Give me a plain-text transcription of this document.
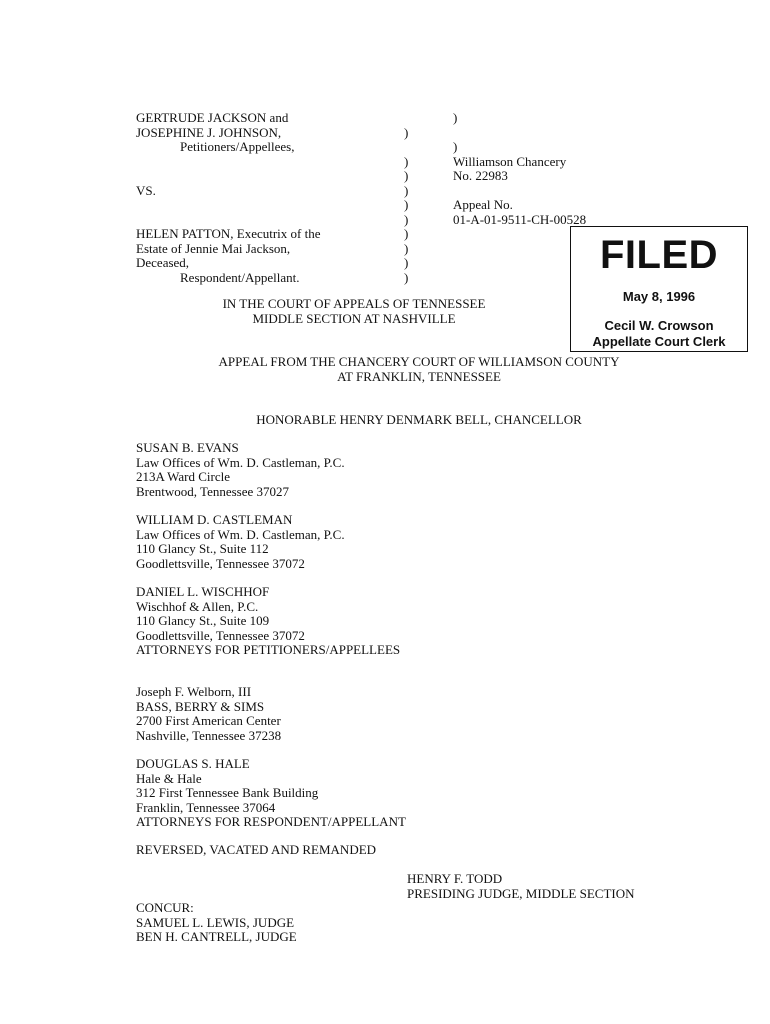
GERTRUDE JACKSON and
JOSEPHINE J. JOHNSON,
Petitioners/Appellees,
VS.
HELEN PATTON, Executrix of the
Estate of Jennie Mai Jackson,
Deceased,
Respondent/Appellant.
)
)
)
)
)
)
)
)
)
)
)
)
Williamson Chancery
No. 22983
Appeal No.
01-A-01-9511-CH-00528
IN THE COURT OF APPEALS OF TENNESSEE
MIDDLE SECTION AT NASHVILLE
FILED
May 8, 1996
Cecil W. Crowson
Appellate Court Clerk
APPEAL FROM THE CHANCERY COURT OF WILLIAMSON COUNTY
AT FRANKLIN, TENNESSEE
HONORABLE HENRY DENMARK BELL, CHANCELLOR
SUSAN B. EVANS
Law Offices of Wm. D. Castleman, P.C.
213A Ward Circle
Brentwood, Tennessee 37027
WILLIAM D. CASTLEMAN
Law Offices of Wm. D. Castleman, P.C.
110 Glancy St., Suite 112
Goodlettsville, Tennessee 37072
DANIEL L. WISCHHOF
Wischhof & Allen, P.C.
110 Glancy St., Suite 109
Goodlettsville, Tennessee 37072
ATTORNEYS FOR PETITIONERS/APPELLEES
Joseph F. Welborn, III
BASS, BERRY & SIMS
2700 First American Center
Nashville, Tennessee 37238
DOUGLAS S. HALE
Hale & Hale
312 First Tennessee Bank Building
Franklin, Tennessee 37064
ATTORNEYS FOR RESPONDENT/APPELLANT
REVERSED, VACATED AND REMANDED
HENRY F. TODD
PRESIDING JUDGE, MIDDLE SECTION
CONCUR:
SAMUEL L. LEWIS, JUDGE
BEN H. CANTRELL, JUDGE
